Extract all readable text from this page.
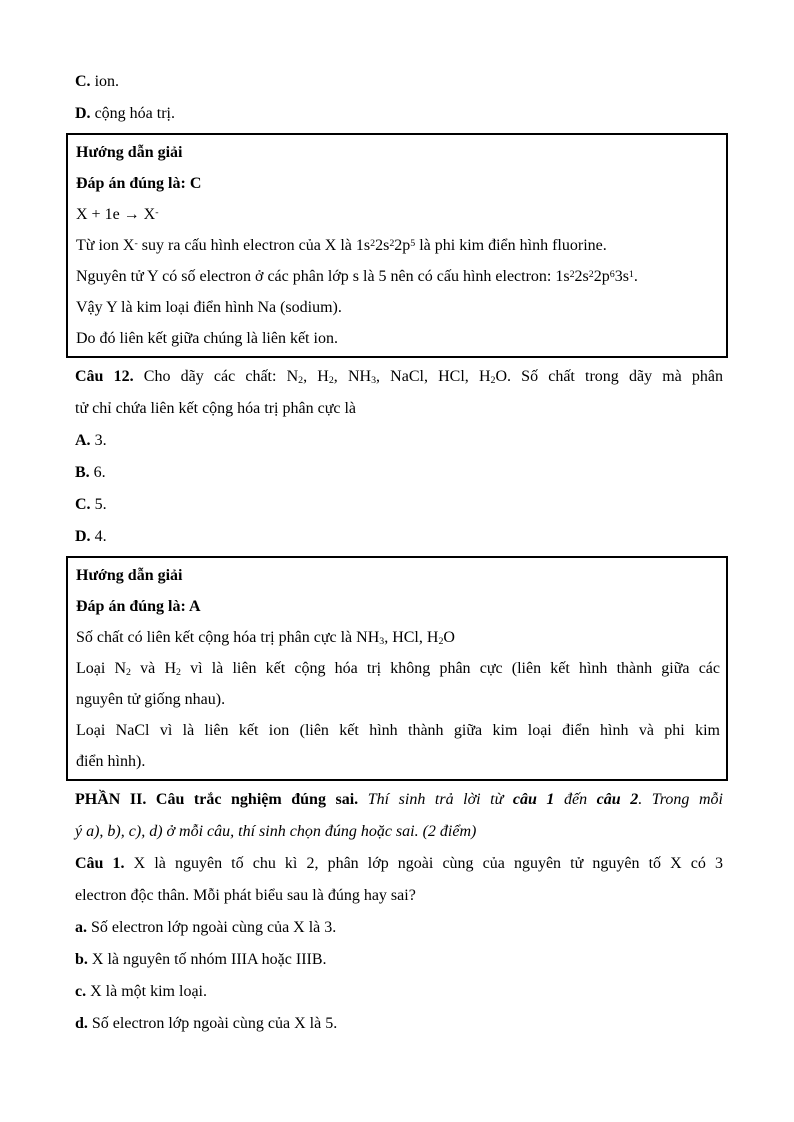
C. ion.
D. cộng hóa trị.
Hướng dẫn giải
Đáp án đúng là: C
X + 1e → X-
Từ ion X- suy ra cấu hình electron của X là $1s^22s^22p^5$ là phi kim điển hình fluorine.
Nguyên tử Y có số electron ở các phân lớp s là 5 nên có cấu hình electron: $1s^22s^22p^63s^1$.
Vậy Y là kim loại điển hình Na (sodium).
Do đó liên kết giữa chúng là liên kết ion.
Câu 12. Cho dãy các chất: $N_2$, $H_2$, $NH_3$, NaCl, HCl, $H_2O$. Số chất trong dãy mà phân
tử chỉ chứa liên kết cộng hóa trị phân cực là
A. 3.
B. 6.
C. 5.
D. 4.
Hướng dẫn giải
Đáp án đúng là: A
Số chất có liên kết cộng hóa trị phân cực là $NH_3$, HCl, $H_2O$
Loại $N_2$ và $H_2$ vì là liên kết cộng hóa trị không phân cực (liên kết hình thành giữa các
nguyên tử giống nhau).
Loại NaCl vì là liên kết ion (liên kết hình thành giữa kim loại điển hình và phi kim
điển hình).
PHẦN II. Câu trắc nghiệm đúng sai. Thí sinh trả lời từ câu 1 đến câu 2. Trong mỗi
ý a), b), c), d) ở mỗi câu, thí sinh chọn đúng hoặc sai. (2 điểm)
Câu 1. X là nguyên tố chu kì 2, phân lớp ngoài cùng của nguyên tử nguyên tố X có 3
electron độc thân. Mỗi phát biểu sau là đúng hay sai?
a. Số electron lớp ngoài cùng của X là 3.
b. X là nguyên tố nhóm IIIA hoặc IIIB.
c. X là một kim loại.
d. Số electron lớp ngoài cùng của X là 5.
